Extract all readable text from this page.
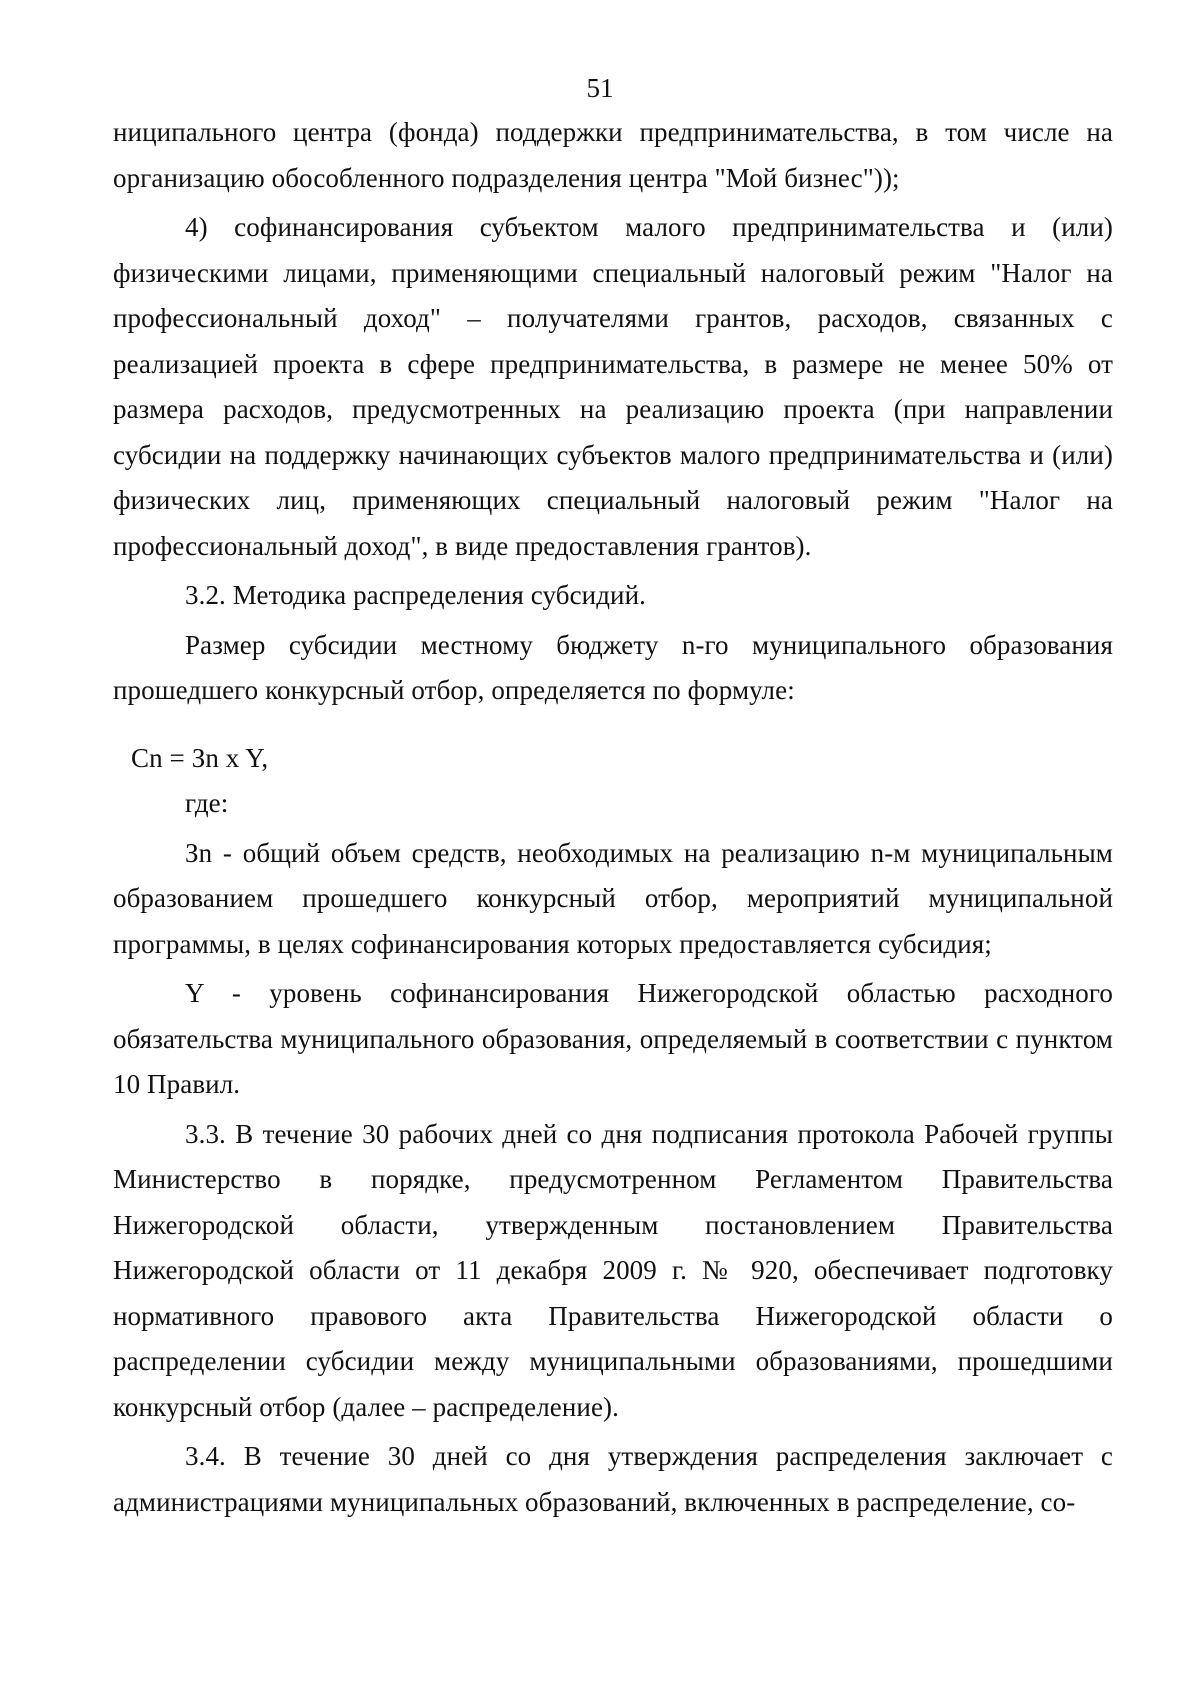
51

ниципального центра (фонда) поддержки предпринимательства, в том числе на организацию обособленного подразделения центра "Мой бизнес"));

4) софинансирования субъектом малого предпринимательства и (или) физическими лицами, применяющими специальный налоговый режим "Налог на профессиональный доход" – получателями грантов, расходов, связанных с реализацией проекта в сфере предпринимательства, в размере не менее 50% от размера расходов, предусмотренных на реализацию проекта (при направлении субсидии на поддержку начинающих субъектов малого предпринимательства и (или) физических лиц, применяющих специальный налоговый режим "Налог на профессиональный доход", в виде предоставления грантов).

3.2. Методика распределения субсидий.

Размер субсидии местному бюджету n-го муниципального образования прошедшего конкурсный отбор, определяется по формуле:

Cn = Зn x Y,

где:

Зn - общий объем средств, необходимых на реализацию n-м муниципальным образованием прошедшего конкурсный отбор, мероприятий муниципальной программы, в целях софинансирования которых предоставляется субсидия;

Y - уровень софинансирования Нижегородской областью расходного обязательства муниципального образования, определяемый в соответствии с пунктом 10 Правил.

3.3. В течение 30 рабочих дней со дня подписания протокола Рабочей группы Министерство в порядке, предусмотренном Регламентом Правительства Нижегородской области, утвержденным постановлением Правительства Нижегородской области от 11 декабря 2009 г. № 920, обеспечивает подготовку нормативного правового акта Правительства Нижегородской области о распределении субсидии между муниципальными образованиями, прошедшими конкурсный отбор (далее – распределение).

3.4. В течение 30 дней со дня утверждения распределения заключает с администрациями муниципальных образований, включенных в распределение, со-
